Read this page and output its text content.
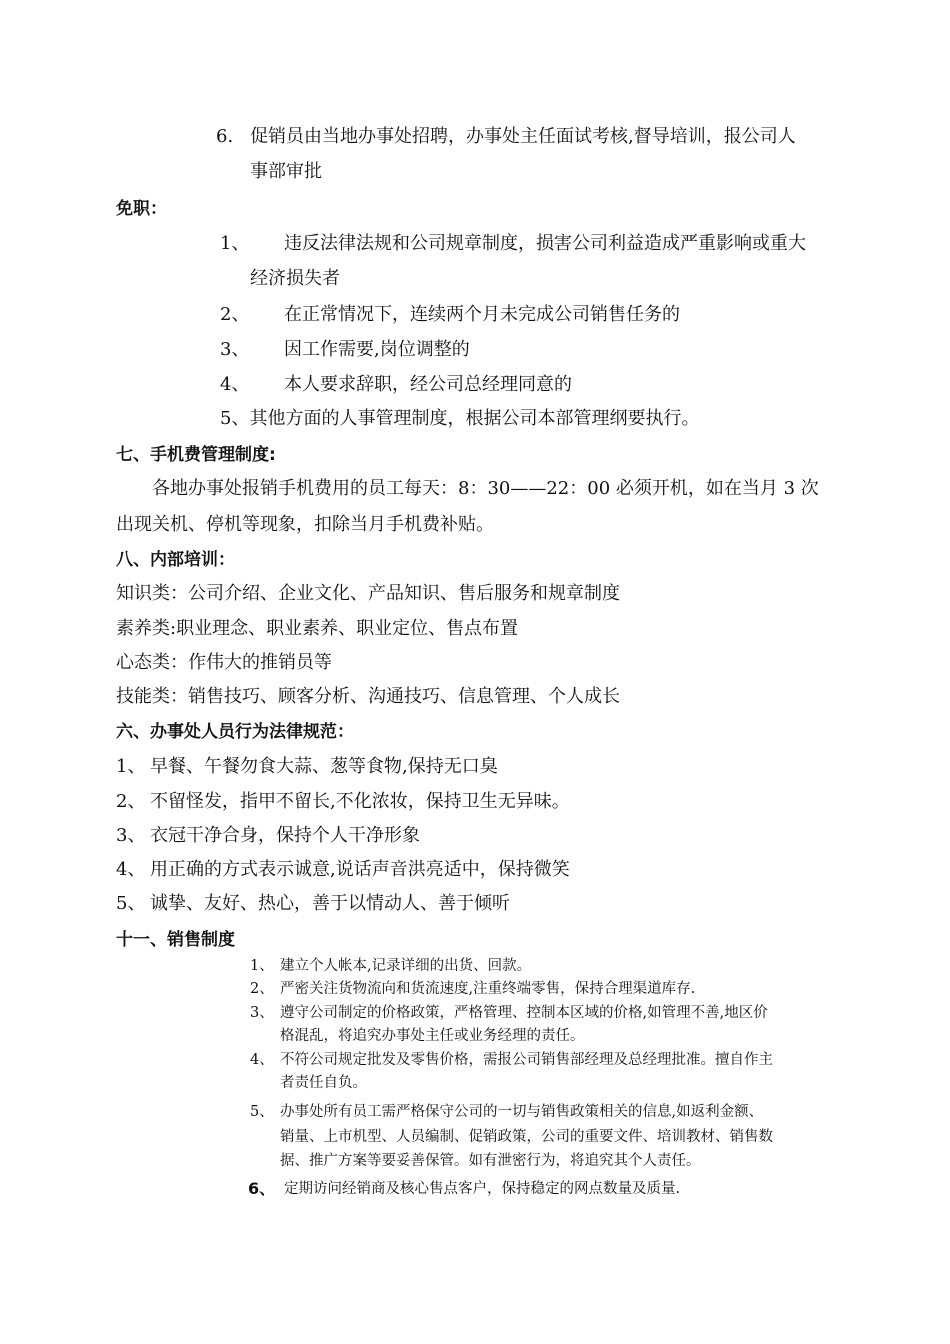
6. 促销员由当地办事处招聘，办事处主任面试考核,督导培训，报公司人
事部审批
免职：
1、 违反法律法规和公司规章制度，损害公司利益造成严重影响或重大
经济损失者
2、 在正常情况下，连续两个月未完成公司销售任务的
3、 因工作需要,岗位调整的
4、 本人要求辞职，经公司总经理同意的
5、其他方面的人事管理制度，根据公司本部管理纲要执行。
七、手机费管理制度:
各地办事处报销手机费用的员工每天：8：30——22：00 必须开机，如在当月 3 次
出现关机、停机等现象，扣除当月手机费补贴。
八、内部培训：
知识类：公司介绍、企业文化、产品知识、售后服务和规章制度
素养类:职业理念、职业素养、职业定位、售点布置
心态类：作伟大的推销员等
技能类：销售技巧、顾客分析、沟通技巧、信息管理、个人成长
六、办事处人员行为法律规范：
1、 早餐、午餐勿食大蒜、葱等食物,保持无口臭
2、 不留怪发，指甲不留长,不化浓妆，保持卫生无异味。
3、 衣冠干净合身，保持个人干净形象
4、 用正确的方式表示诚意,说话声音洪亮适中，保持微笑
5、 诚挚、友好、热心，善于以情动人、善于倾听
十一、销售制度
1、 建立个人帐本,记录详细的出货、回款。
2、 严密关注货物流向和货流速度,注重终端零售，保持合理渠道库存.
3、 遵守公司制定的价格政策，严格管理、控制本区域的价格,如管理不善,地区价
格混乱，将追究办事处主任或业务经理的责任。
4、 不符公司规定批发及零售价格，需报公司销售部经理及总经理批准。擅自作主
者责任自负。
5、 办事处所有员工需严格保守公司的一切与销售政策相关的信息,如返利金额、
销量、上市机型、人员编制、促销政策，公司的重要文件、培训教材、销售数
据、推广方案等要妥善保管。如有泄密行为，将追究其个人责任。
6、 定期访问经销商及核心售点客户，保持稳定的网点数量及质量.
